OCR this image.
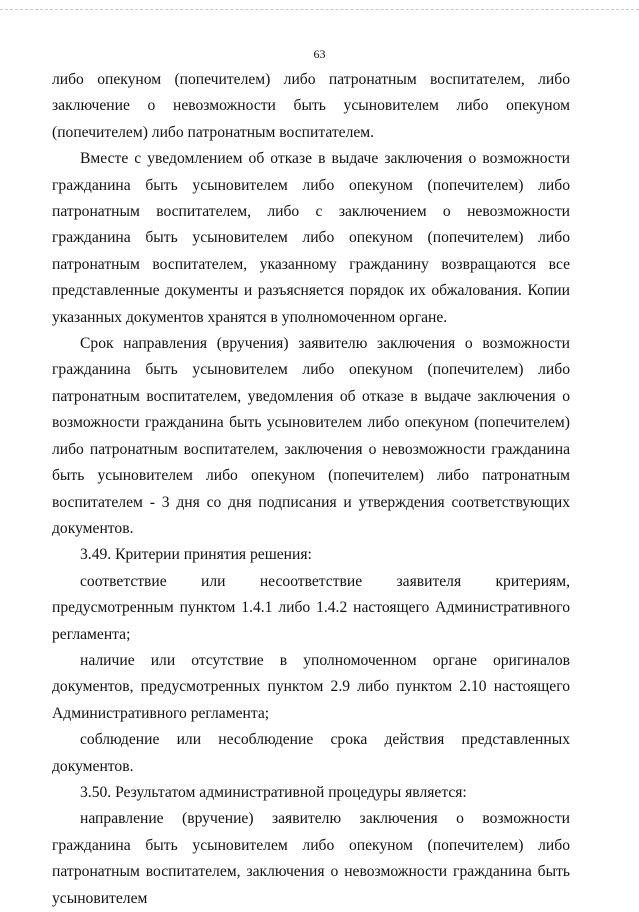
63

либо опекуном (попечителем) либо патронатным воспитателем, либо заключение о невозможности быть усыновителем либо опекуном (попечителем) либо патронатным воспитателем.

Вместе с уведомлением об отказе в выдаче заключения о возможности гражданина быть усыновителем либо опекуном (попечителем) либо патронатным воспитателем, либо с заключением о невозможности гражданина быть усыновителем либо опекуном (попечителем) либо патронатным воспитателем, указанному гражданину возвращаются все представленные документы и разъясняется порядок их обжалования. Копии указанных документов хранятся в уполномоченном органе.

Срок направления (вручения) заявителю заключения о возможности гражданина быть усыновителем либо опекуном (попечителем) либо патронатным воспитателем, уведомления об отказе в выдаче заключения о возможности гражданина быть усыновителем либо опекуном (попечителем) либо патронатным воспитателем, заключения о невозможности гражданина быть усыновителем либо опекуном (попечителем) либо патронатным воспитателем - 3 дня со дня подписания и утверждения соответствующих документов.

3.49. Критерии принятия решения:

соответствие или несоответствие заявителя критериям, предусмотренным пунктом 1.4.1 либо 1.4.2 настоящего Административного регламента;

наличие или отсутствие в уполномоченном органе оригиналов документов, предусмотренных пунктом 2.9 либо пунктом 2.10 настоящего Административного регламента;

соблюдение или несоблюдение срока действия представленных документов.

3.50. Результатом административной процедуры является:

направление (вручение) заявителю заключения о возможности гражданина быть усыновителем либо опекуном (попечителем) либо патронатным воспитателем, заключения о невозможности гражданина быть усыновителем
